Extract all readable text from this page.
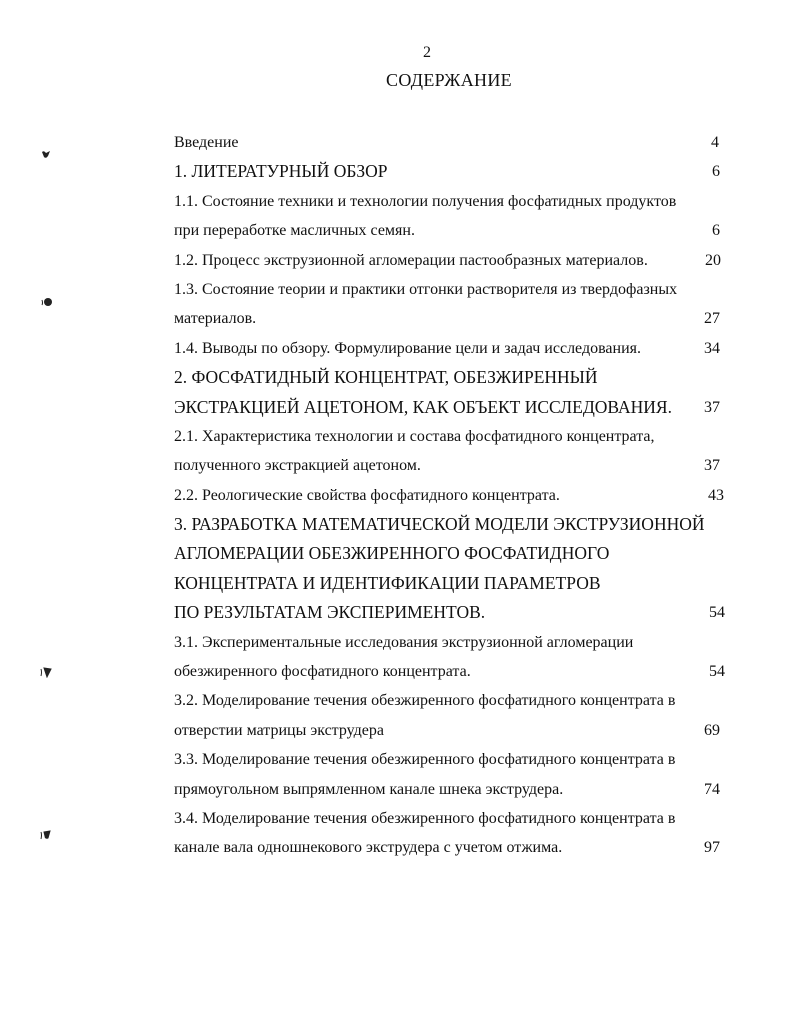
2
СОДЕРЖАНИЕ
Введение	4
1. ЛИТЕРАТУРНЫЙ ОБЗОР	6
1.1. Состояние техники и технологии получения фосфатидных продуктов
при переработке масличных семян.	6
1.2. Процесс экструзионной агломерации пастообразных материалов.	20
1.3. Состояние теории и практики отгонки растворителя из твердофазных
материалов.	27
1.4. Выводы по обзору. Формулирование цели и задач исследования.	34
2. ФОСФАТИДНЫЙ КОНЦЕНТРАТ, ОБЕЗЖИРЕННЫЙ
ЭКСТРАКЦИЕЙ АЦЕТОНОМ, КАК ОБЪЕКТ ИССЛЕДОВАНИЯ. 37
2.1. Характеристика технологии и состава фосфатидного концентрата,
полученного экстракцией ацетоном.	37
2.2. Реологические свойства фосфатидного концентрата.	43
3. РАЗРАБОТКА МАТЕМАТИЧЕСКОЙ МОДЕЛИ ЭКСТРУЗИОННОЙ
АГЛОМЕРАЦИИ ОБЕЗЖИРЕННОГО ФОСФАТИДНОГО
КОНЦЕНТРАТА И ИДЕНТИФИКАЦИИ ПАРАМЕТРОВ
ПО РЕЗУЛЬТАТАМ ЭКСПЕРИМЕНТОВ.	54
3.1. Экспериментальные исследования экструзионной агломерации
обезжиренного фосфатидного концентрата.	54
3.2. Моделирование течения обезжиренного фосфатидного концентрата в
отверстии матрицы экструдера	69
3.3. Моделирование течения обезжиренного фосфатидного концентрата в
прямоугольном выпрямленном канале шнека экструдера.	74
3.4. Моделирование течения обезжиренного фосфатидного концентрата в
канале вала одношнекового экструдера с учетом отжима.	97
